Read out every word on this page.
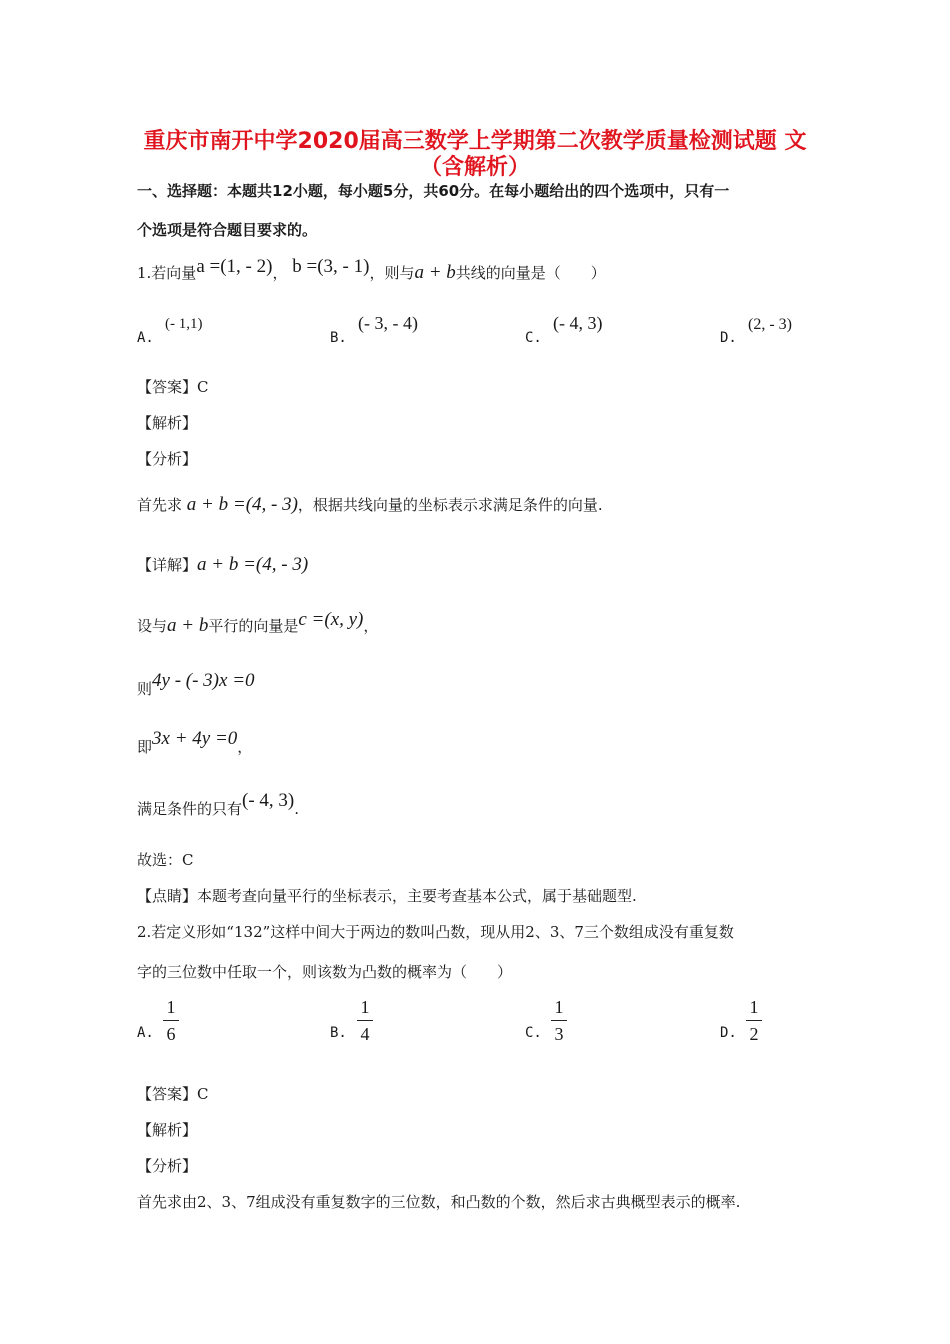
重庆市南开中学2020届高三数学上学期第二次教学质量检测试题 文
（含解析）
一、选择题：本题共12小题，每小题5分，共60分。在每小题给出的四个选项中，只有一
个选项是符合题目要求的。
1.若向量a =(1, - 2)， b =(3, - 1)，则与a + b共线的向量是（　　）
A.
(- 1,1)
B.
(- 3, - 4)
C.
(- 4, 3)
D.
(2, - 3)
【答案】C
【解析】
【分析】
首先求 a + b =(4, - 3)，根据共线向量的坐标表示求满足条件的向量.
【详解】a + b =(4, - 3)
设与a + b平行的向量是c =(x, y)，
则4y - (- 3)x =0
即3x + 4y =0，
满足条件的只有(- 4, 3).
故选：C
【点睛】本题考查向量平行的坐标表示，主要考查基本公式，属于基础题型.
2.若定义形如“132”这样中间大于两边的数叫凸数，现从用2、3、7三个数组成没有重复数
字的三位数中任取一个，则该数为凸数的概率为（　　）
A.
1
6	B.
1
4	C.
1
3	D.
1
2
【答案】C
【解析】
【分析】
首先求由2、3、7组成没有重复数字的三位数，和凸数的个数，然后求古典概型表示的概率.
